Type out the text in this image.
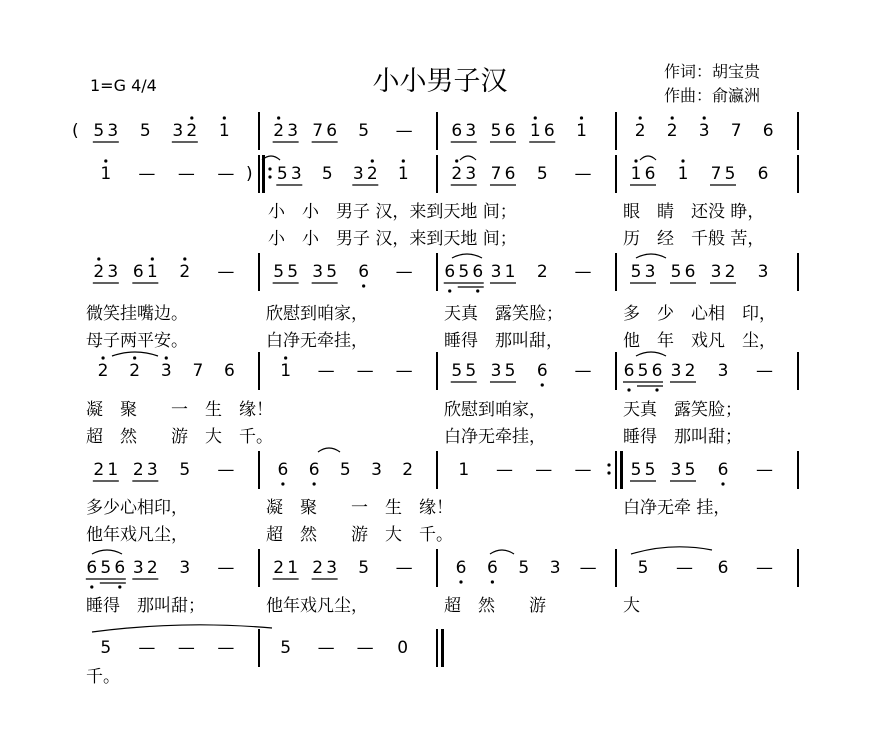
小小男子汉
1=G 4/4
作词：胡宝贵
作曲：俞瀛洲
( 5 3 5 3 2 1	2 3 7 6 5 — 6 3 5 6 1 6 1	2 2 3 7 6
1 — — — ) 5 3 5 3 2 1	2 3 7 6 5 — 1 6 1 7 5 6
小　小　男子 汉，来到天地 间；
小　小　男子 汉，来到天地 间；
眼　睛　还没 睁，
历　经　千般 苦，
2 3 6 1 2 — 5 5 3 5 6 — 6 5 6 3 1 2 — 5 3 5 6 3 2 3
微笑挂嘴边。
母子两平安。
欣慰到咱家，
白净无牵挂，
天真　露笑脸；
睡得　那叫甜，
多　少　心相　印，
他　年　戏凡　尘，
2 2 3 7 6	1 — — — 5 5 3 5 6 — 6 5 6 3 2 3 —
凝　聚　　一　生　缘！
超　然　　游　大　千。
欣慰到咱家，
白净无牵挂，
天真　露笑脸；
睡得　那叫甜；
2 1 2 3 5 —	6 6 5 3 2	1 — — — 5 5 3 5 6 —
多少心相印，
他年戏凡尘，
凝　聚　　一　生　缘！
超　然　　游　大　千。
白净无牵 挂，
6 5 6 3 2 3 — 2 1 2 3 5 —	6 6 5 3 — 5 — 6 —
睡得　那叫甜；	他年戏凡尘，	超　然　　游	大
5 — — —	5 — — 0
千。
